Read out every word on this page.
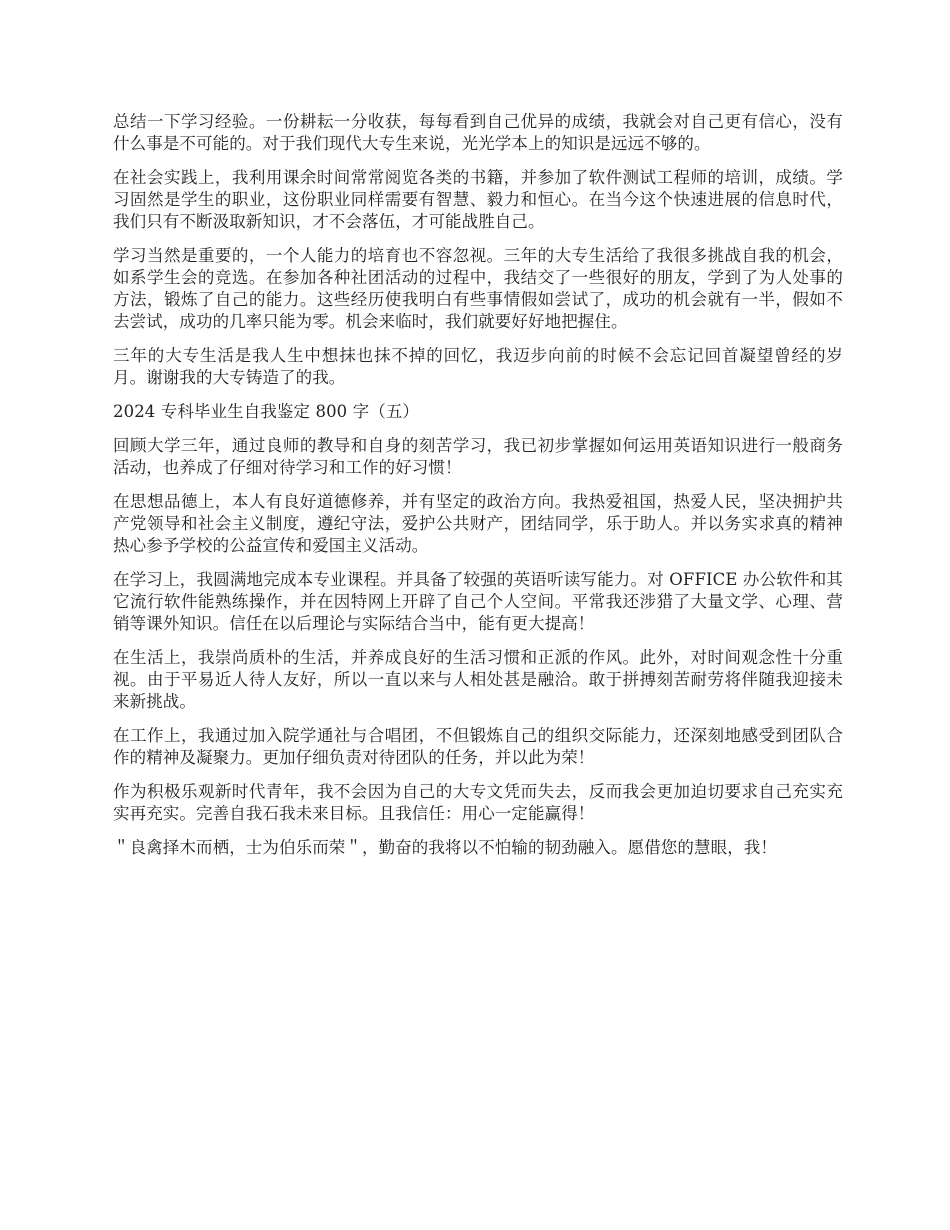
总结一下学习经验。一份耕耘一分收获，每每看到自己优异的成绩，我就会对自己更有信心，没有什么事是不可能的。对于我们现代大专生来说，光光学本上的知识是远远不够的。

在社会实践上，我利用课余时间常常阅览各类的书籍，并参加了软件测试工程师的培训，成绩。学习固然是学生的职业，这份职业同样需要有智慧、毅力和恒心。在当今这个快速进展的信息时代，我们只有不断汲取新知识，才不会落伍，才可能战胜自己。

学习当然是重要的，一个人能力的培育也不容忽视。三年的大专生活给了我很多挑战自我的机会，如系学生会的竞选。在参加各种社团活动的过程中，我结交了一些很好的朋友，学到了为人处事的方法，锻炼了自己的能力。这些经历使我明白有些事情假如尝试了，成功的机会就有一半，假如不去尝试，成功的几率只能为零。机会来临时，我们就要好好地把握住。

三年的大专生活是我人生中想抹也抹不掉的回忆，我迈步向前的时候不会忘记回首凝望曾经的岁月。谢谢我的大专铸造了的我。

2024 专科毕业生自我鉴定 800 字（五）

回顾大学三年，通过良师的教导和自身的刻苦学习，我已初步掌握如何运用英语知识进行一般商务活动，也养成了仔细对待学习和工作的好习惯！

在思想品德上，本人有良好道德修养，并有坚定的政治方向。我热爱祖国，热爱人民，坚决拥护共产党领导和社会主义制度，遵纪守法，爱护公共财产，团结同学，乐于助人。并以务实求真的精神热心参予学校的公益宣传和爱国主义活动。

在学习上，我圆满地完成本专业课程。并具备了较强的英语听读写能力。对 OFFICE 办公软件和其它流行软件能熟练操作，并在因特网上开辟了自己个人空间。平常我还涉猎了大量文学、心理、营销等课外知识。信任在以后理论与实际结合当中，能有更大提高！

在生活上，我崇尚质朴的生活，并养成良好的生活习惯和正派的作风。此外，对时间观念性十分重视。由于平易近人待人友好，所以一直以来与人相处甚是融洽。敢于拼搏刻苦耐劳将伴随我迎接未来新挑战。

在工作上，我通过加入院学通社与合唱团，不但锻炼自己的组织交际能力，还深刻地感受到团队合作的精神及凝聚力。更加仔细负责对待团队的任务，并以此为荣！

作为积极乐观新时代青年，我不会因为自己的大专文凭而失去，反而我会更加迫切要求自己充实充实再充实。完善自我石我未来目标。且我信任：用心一定能赢得！

＂良禽择木而栖，士为伯乐而荣＂，勤奋的我将以不怕输的韧劲融入。愿借您的慧眼，我！
